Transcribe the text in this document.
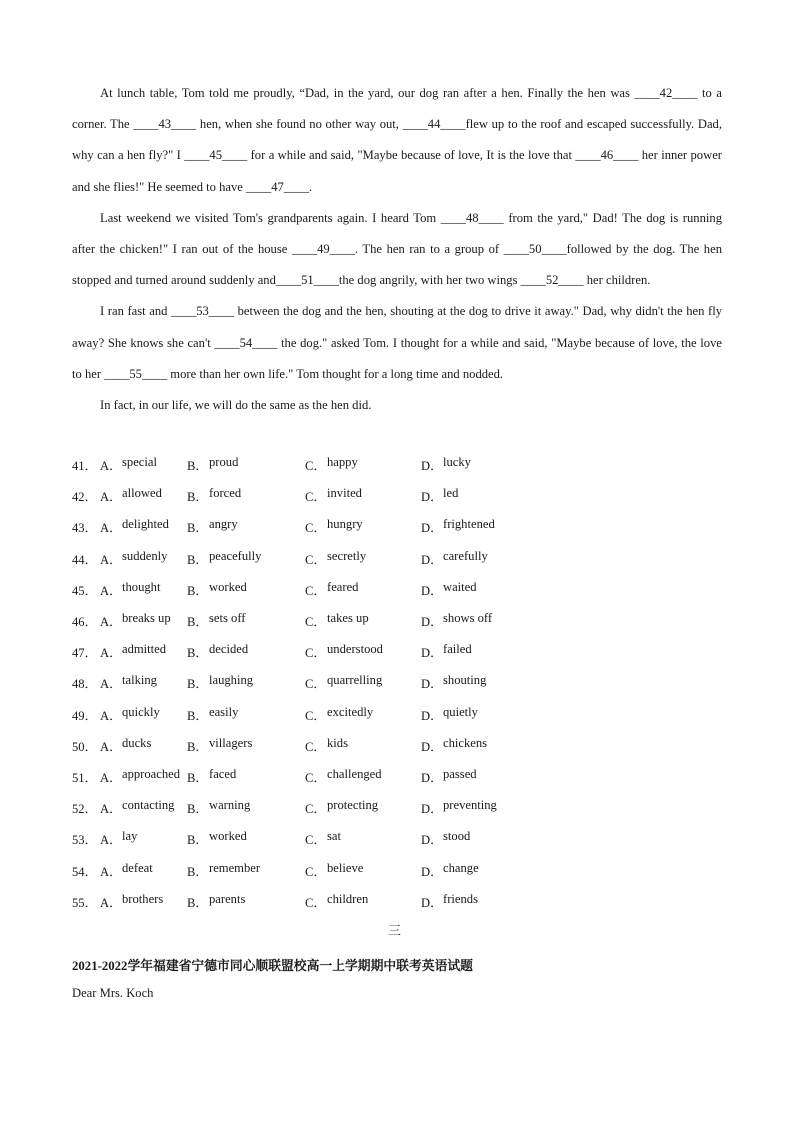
At lunch table, Tom told me proudly, “Dad, in the yard, our dog ran after a hen. Finally the hen was ____42____ to a corner. The ____43____ hen, when she found no other way out, ____44____flew up to the roof and escaped successfully. Dad, why can a hen fly?" I ____45____ for a while and said, "Maybe because of love, It is the love that ____46____ her inner power and she flies!" He seemed to have ____47____.

Last weekend we visited Tom's grandparents again. I heard Tom ____48____ from the yard," Dad! The dog is running after the chicken!" I ran out of the house ____49____. The hen ran to a group of ____50____followed by the dog. The hen stopped and turned around suddenly and____51____the dog angrily, with her two wings ____52____ her children.

I ran fast and ____53____ between the dog and the hen, shouting at the dog to drive it away." Dad, why didn't the hen fly away? She knows she can't ____54____ the dog." asked Tom. I thought for a while and said, "Maybe because of love, the love to her ____55____ more than her own life." Tom thought for a long time and nodded.

In fact, in our life, we will do the same as the hen did.

41． A． special B． proud	C． happy	D． lucky
42． A． allowed B． forced	C． invited	D． led
43． A． delighted B． angry	C． hungry	D． frightened
44． A． suddenly B． peacefully	C． secretly	D． carefully
45． A． thought B． worked	C． feared	D． waited
46． A． breaks up B． sets off	C． takes up	D． shows off
47． A． admitted B． decided	C． understood	D． failed
48． A． talking B． laughing	C． quarrelling	D． shouting
49． A． quickly B． easily	C． excitedly	D． quietly
50． A． ducks	B． villagers	C． kids	D． chickens
51． A． approached B． faced	C． challenged	D． passed
52． A． contacting B． warning	C． protecting	D． preventing
53． A． lay	B． worked	C． sat	D． stood
54． A． defeat	B． remember	C． believe	D． change
55． A． brothers B． parents	C． children	D． friends
三
2021-2022学年福建省宁德市同心顺联盟校高一上学期期中联考英语试题
Dear Mrs. Koch
